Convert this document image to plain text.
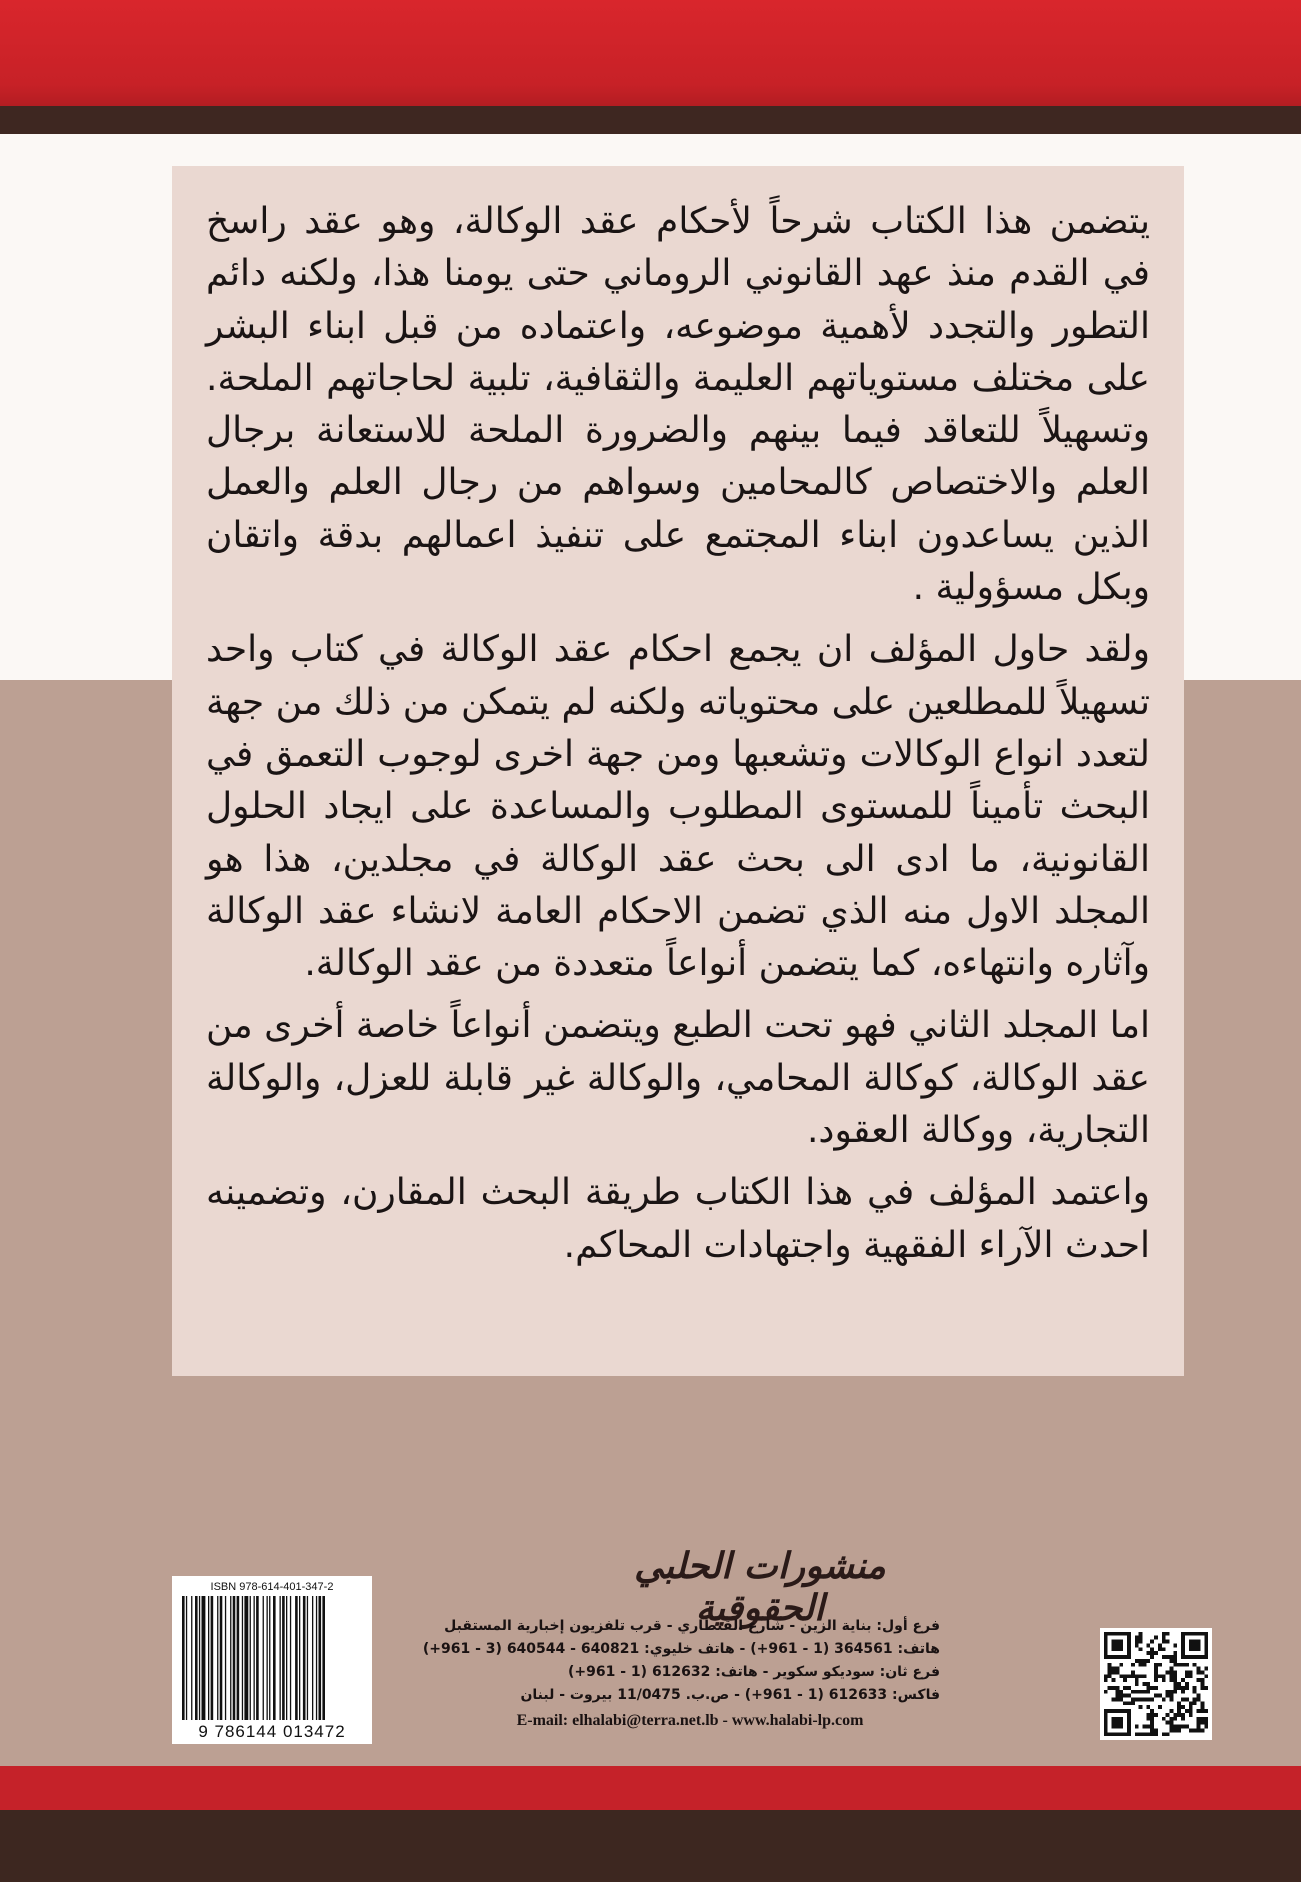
يتضمن هذا الكتاب شرحاً لأحكام عقد الوكالة، وهو عقد راسخ في القدم منذ عهد القانوني الروماني حتى يومنا هذا، ولكنه دائم التطور والتجدد لأهمية موضوعه، واعتماده من قبل ابناء البشر على مختلف مستوياتهم العليمة والثقافية، تلبية لحاجاتهم الملحة. وتسهيلاً للتعاقد فيما بينهم والضرورة الملحة للاستعانة برجال العلم والاختصاص كالمحامين وسواهم من رجال العلم والعمل الذين يساعدون ابناء المجتمع على تنفيذ اعمالهم بدقة واتقان وبكل مسؤولية .

ولقد حاول المؤلف ان يجمع احكام عقد الوكالة في كتاب واحد تسهيلاً للمطلعين على محتوياته ولكنه لم يتمكن من ذلك من جهة لتعدد انواع الوكالات وتشعبها ومن جهة اخرى لوجوب التعمق في البحث تأميناً للمستوى المطلوب والمساعدة على ايجاد الحلول القانونية، ما ادى الى بحث عقد الوكالة في مجلدين، هذا هو المجلد الاول منه الذي تضمن الاحكام العامة لانشاء عقد الوكالة وآثاره وانتهاءه، كما يتضمن أنواعاً متعددة من عقد الوكالة.

اما المجلد الثاني فهو تحت الطبع ويتضمن أنواعاً خاصة أخرى من عقد الوكالة، كوكالة المحامي، والوكالة غير قابلة للعزل، والوكالة التجارية، ووكالة العقود.

واعتمد المؤلف في هذا الكتاب طريقة البحث المقارن، وتضمينه احدث الآراء الفقهية واجتهادات المحاكم.

منشورات الحلبي الحقوقية
ISBN 978-614-401-347-2
9 786144 013472
فرع أول: بناية الزين - شارع القنطاري - قرب تلفزيون إخبارية المستقبل
هاتف: 364561 (1 - 961+) - هاتف خليوي: 640821 - 640544 (3 - 961+)
فرع ثان: سوديكو سكوير - هاتف: 612632 (1 - 961+)
فاكس: 612633 (1 - 961+) - ص.ب. 11/0475 بيروت - لبنان
E-mail: elhalabi@terra.net.lb - www.halabi-lp.com
